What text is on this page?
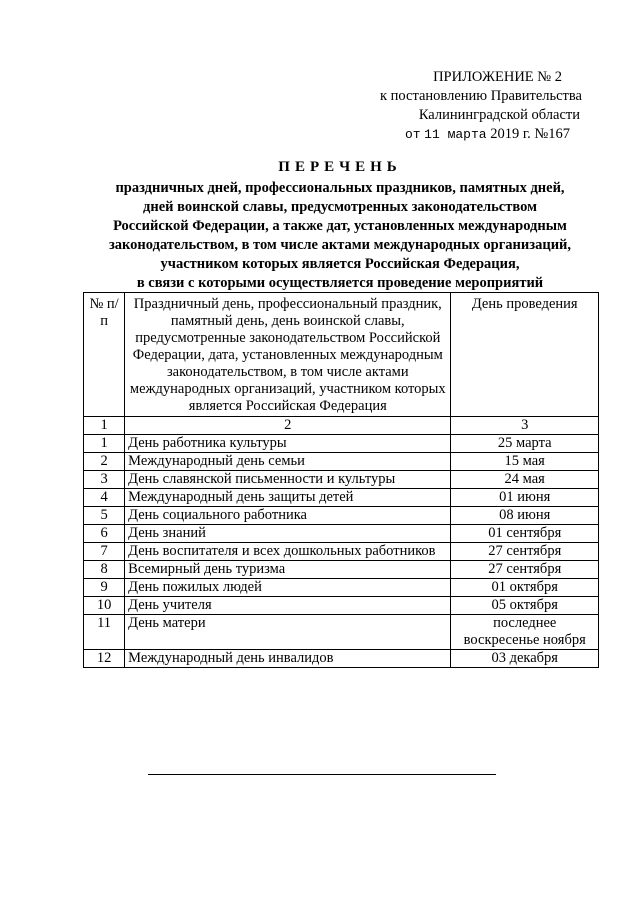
ПРИЛОЖЕНИЕ № 2
к постановлению Правительства
Калининградской области
от 11 марта 2019 г. №167
ПЕРЕЧЕНЬ
праздничных дней, профессиональных праздников, памятных дней,
дней воинской славы, предусмотренных законодательством
Российской Федерации, а также дат, установленных международным
законодательством, в том числе актами международных организаций,
участником которых является Российская Федерация,
в связи с которыми осуществляется проведение мероприятий
№ п/п	Праздничный день, профессиональный праздник, памятный день, день воинской славы, предусмотренные законодательством Российской Федерации, дата, установленных международным законодательством, в том числе актами международных организаций, участником которых является Российская Федерация	День проведения
1	2	3
1	День работника культуры	25 марта
2	Международный день семьи	15 мая
3	День славянской письменности и культуры	24 мая
4	Международный день защиты детей	01 июня
5	День социального работника	08 июня
6	День знаний	01 сентября
7	День воспитателя и всех дошкольных работников	27 сентября
8	Всемирный день туризма	27 сентября
9	День пожилых людей	01 октября
10	День учителя	05 октября
11	День матери	последнее воскресенье ноября
12	Международный день инвалидов	03 декабря
